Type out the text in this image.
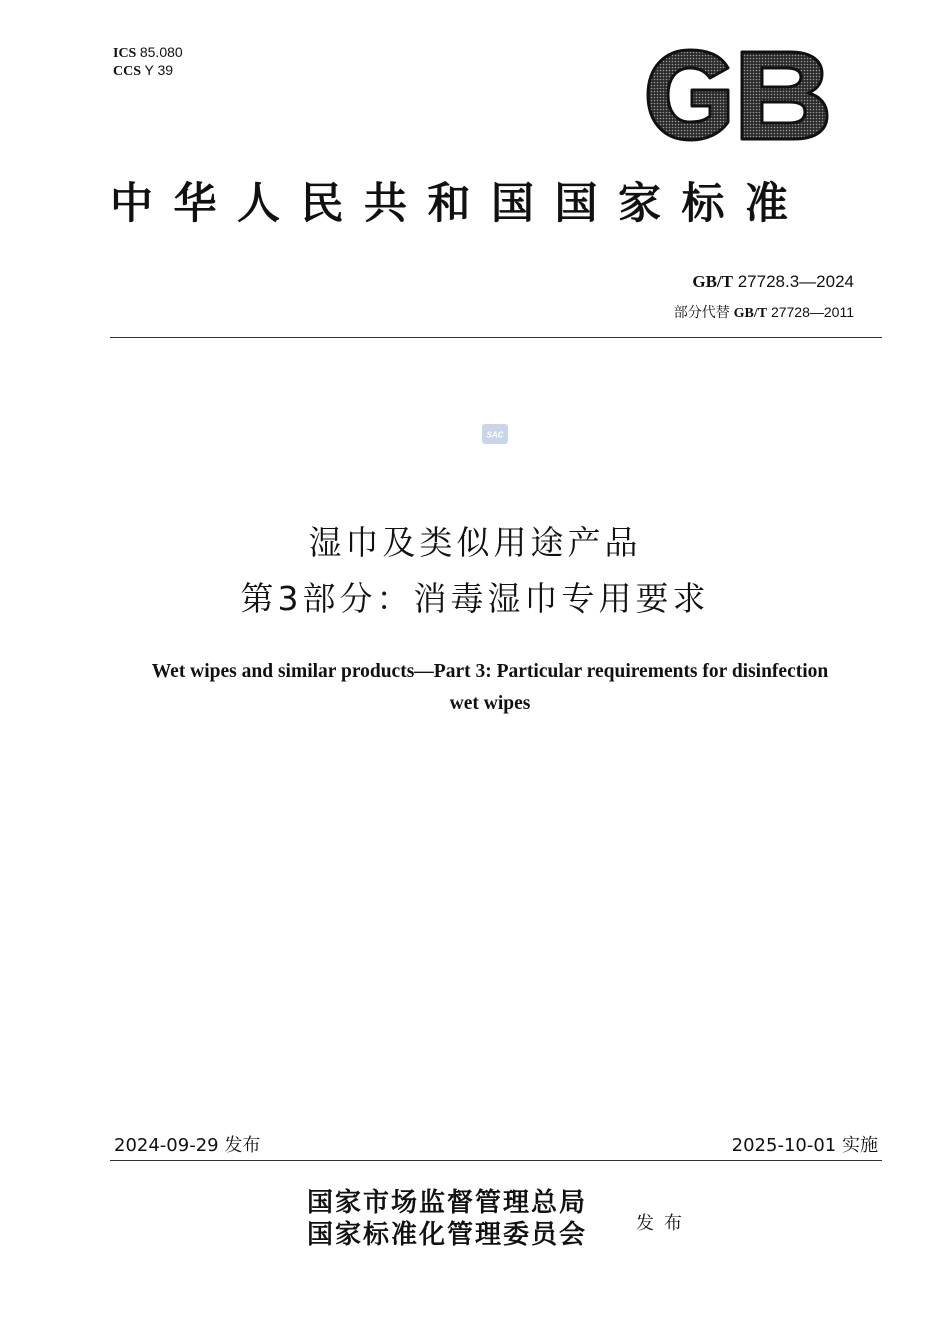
ICS 85.080
CCS Y 39
中华人民共和国国家标准
GB/T 27728.3—2024
部分代替 GB/T 27728—2011
SAC
湿巾及类似用途产品
第3部分：消毒湿巾专用要求
Wet wipes and similar products—Part 3: Particular requirements for disinfection
wet wipes
2024-09-29 发布	2025-10-01 实施
国家市场监督管理总局
国家标准化管理委员会	发布
